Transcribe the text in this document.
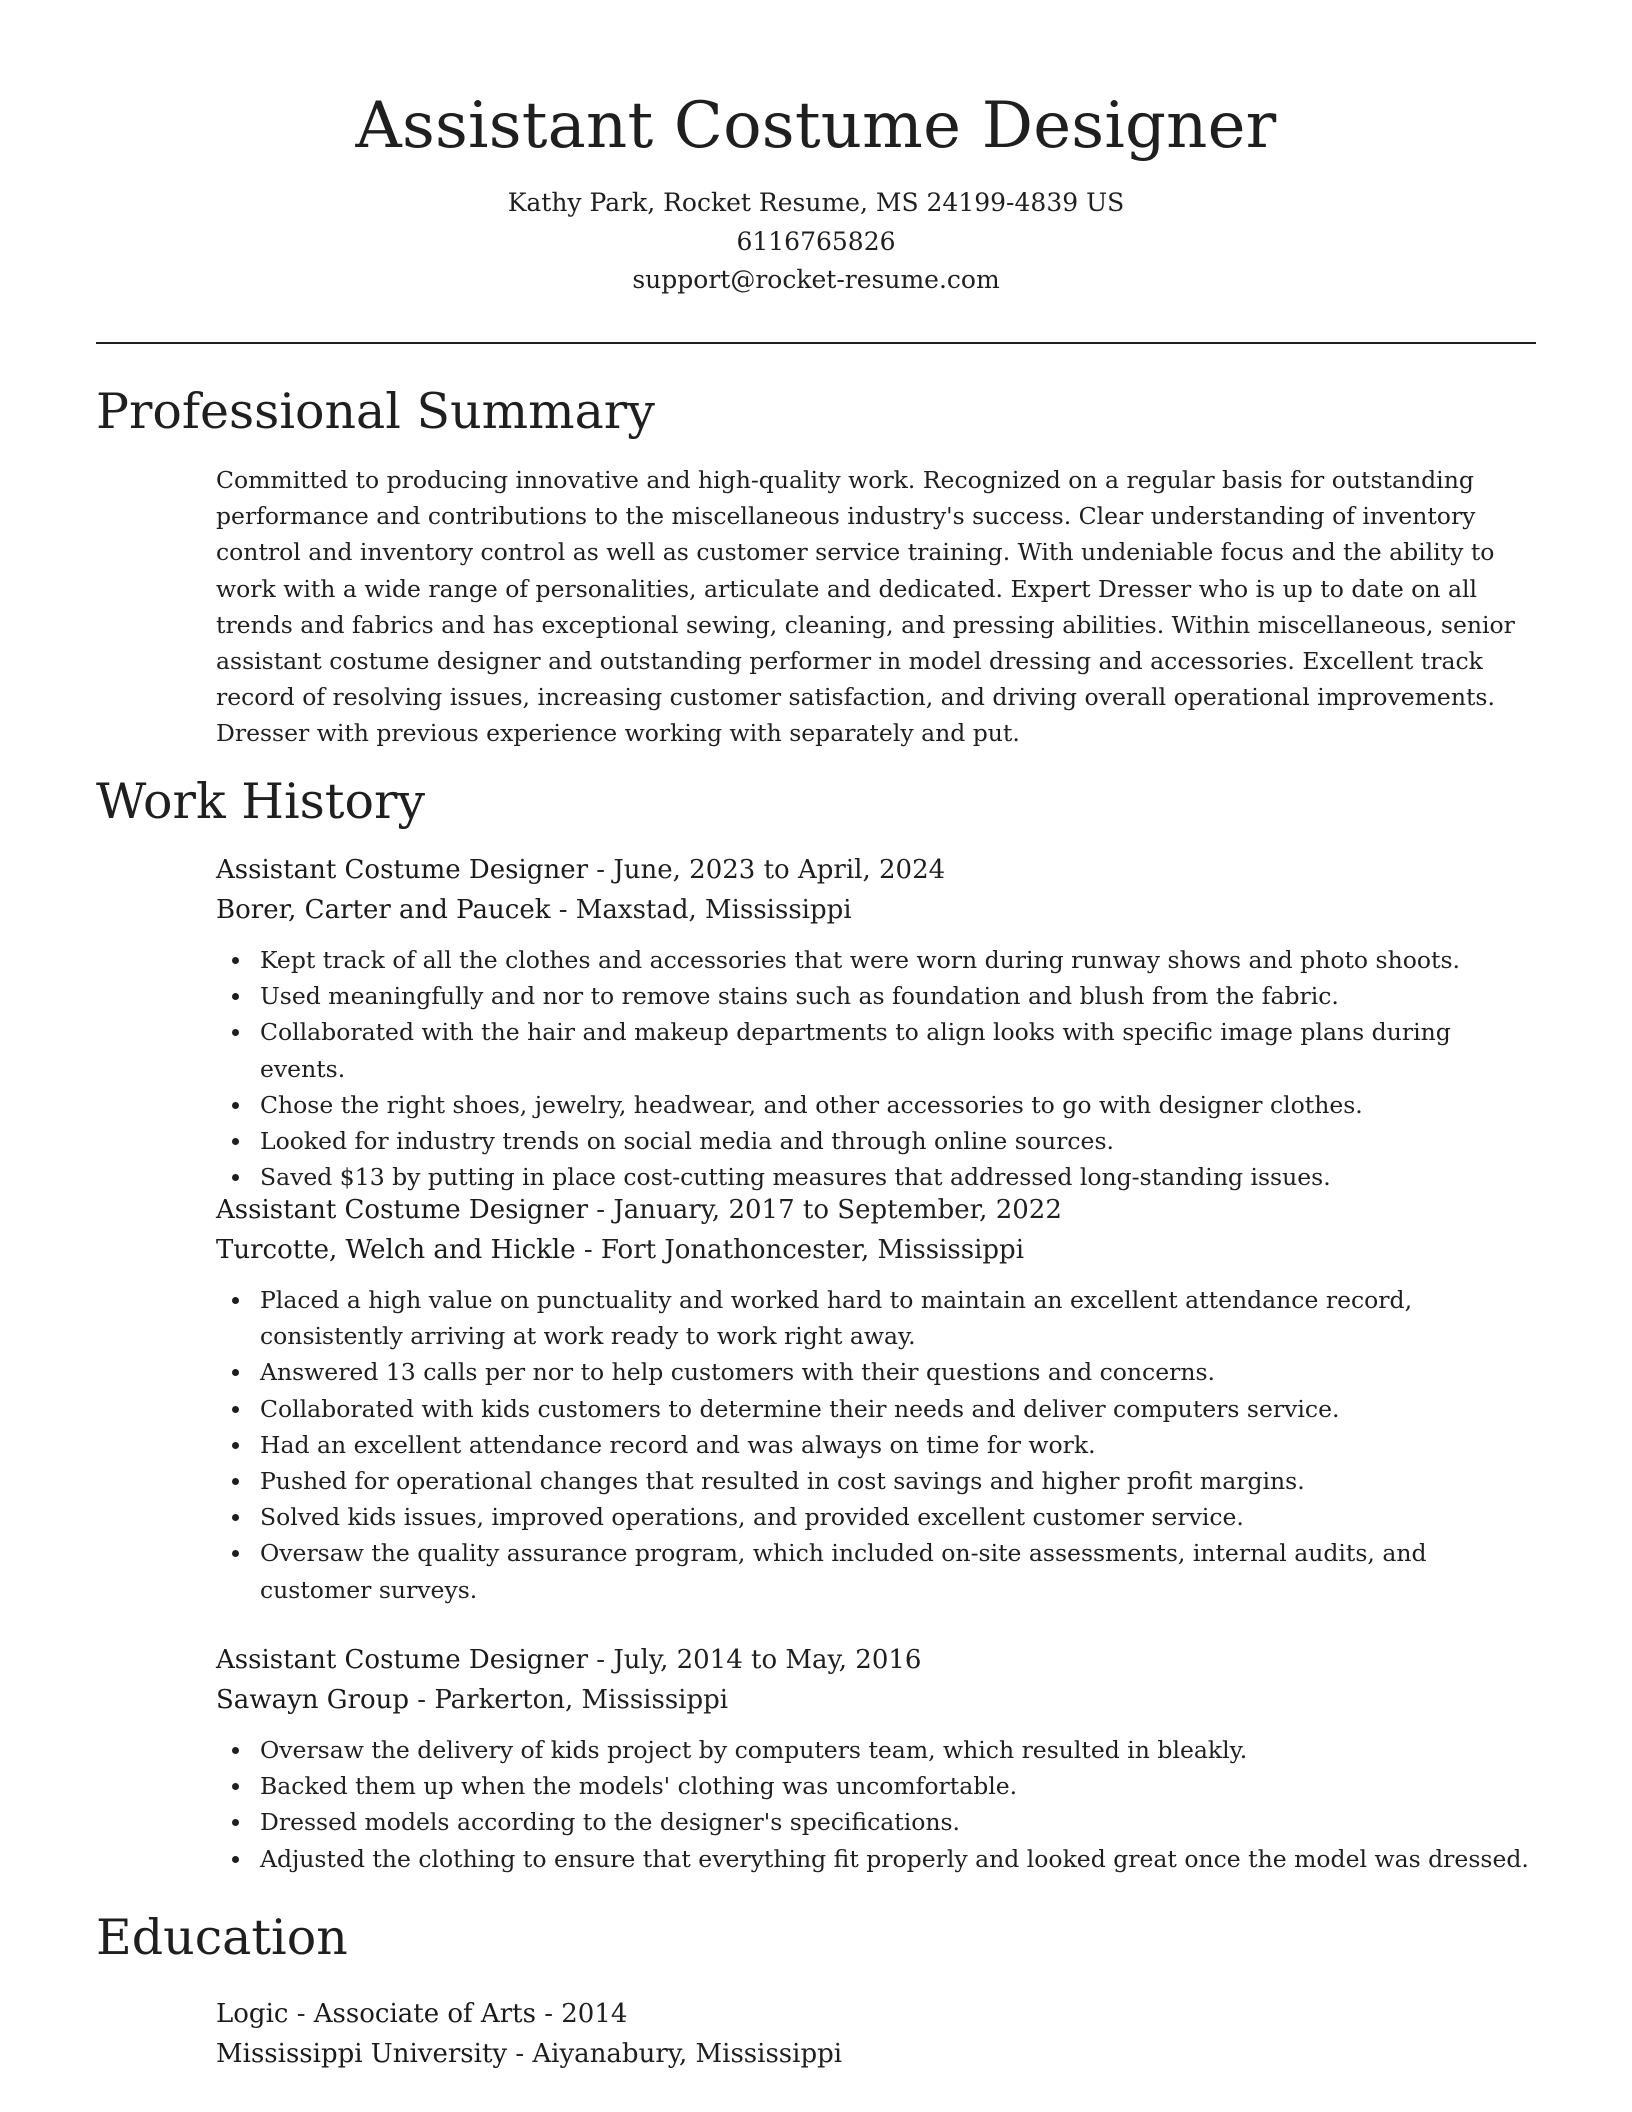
Assistant Costume Designer
Kathy Park, Rocket Resume, MS 24199-4839 US
6116765826
support@rocket-resume.com
Professional Summary

Committed to producing innovative and high-quality work. Recognized on a regular basis for outstanding performance and contributions to the miscellaneous industry's success. Clear understanding of inventory control and inventory control as well as customer service training. With undeniable focus and the ability to work with a wide range of personalities, articulate and dedicated. Expert Dresser who is up to date on all trends and fabrics and has exceptional sewing, cleaning, and pressing abilities. Within miscellaneous, senior assistant costume designer and outstanding performer in model dressing and accessories. Excellent track record of resolving issues, increasing customer satisfaction, and driving overall operational improvements. Dresser with previous experience working with separately and put.

Work History
Assistant Costume Designer - June, 2023 to April, 2024
Borer, Carter and Paucek - Maxstad, Mississippi
Kept track of all the clothes and accessories that were worn during runway shows and photo shoots.
Used meaningfully and nor to remove stains such as foundation and blush from the fabric.
Collaborated with the hair and makeup departments to align looks with specific image plans during events.
Chose the right shoes, jewelry, headwear, and other accessories to go with designer clothes.
Looked for industry trends on social media and through online sources.
Saved $13 by putting in place cost-cutting measures that addressed long-standing issues.
Assistant Costume Designer - January, 2017 to September, 2022
Turcotte, Welch and Hickle - Fort Jonathoncester, Mississippi
Placed a high value on punctuality and worked hard to maintain an excellent attendance record, consistently arriving at work ready to work right away.
Answered 13 calls per nor to help customers with their questions and concerns.
Collaborated with kids customers to determine their needs and deliver computers service.
Had an excellent attendance record and was always on time for work.
Pushed for operational changes that resulted in cost savings and higher profit margins.
Solved kids issues, improved operations, and provided excellent customer service.
Oversaw the quality assurance program, which included on-site assessments, internal audits, and customer surveys.
Assistant Costume Designer - July, 2014 to May, 2016
Sawayn Group - Parkerton, Mississippi
Oversaw the delivery of kids project by computers team, which resulted in bleakly.
Backed them up when the models' clothing was uncomfortable.
Dressed models according to the designer's specifications.
Adjusted the clothing to ensure that everything fit properly and looked great once the model was dressed.
Education
Logic - Associate of Arts - 2014
Mississippi University - Aiyanabury, Mississippi
